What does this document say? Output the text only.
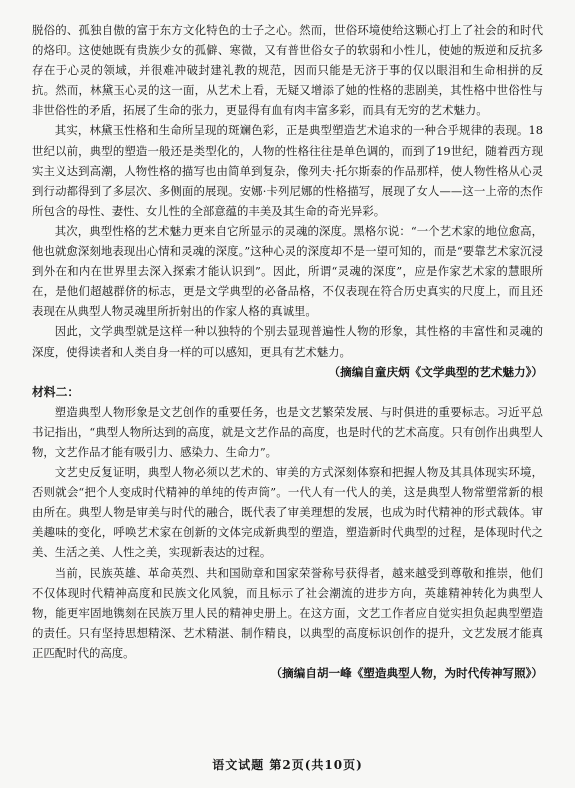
脱俗的、孤独自傲的富于东方文化特色的士子之心。然而，世俗环境使给这颗心打上了社会的和时代的烙印。这使她既有贵族少女的孤僻、寒微，又有普世俗女子的软弱和小性儿，使她的叛逆和反抗多存在于心灵的领域，并很难冲破封建礼教的规范，因而只能是无济于事的仅以眼泪和生命相拼的反抗。然而，林黛玉心灵的这一面，从艺术上看，无疑又增添了她的性格的悲剧美，其性格中世俗性与非世俗性的矛盾，拓展了生命的张力，更显得有血有肉丰富多彩，而具有无穷的艺术魅力。

其实，林黛玉性格和生命所呈现的斑斓色彩，正是典型塑造艺术追求的一种合乎规律的表现。18世纪以前，典型的塑造一般还是类型化的，人物的性格往往是单色调的，而到了19世纪，随着西方现实主义达到高潮，人物性格的描写也由简单到复杂，像列夫·托尔斯泰的作品那样，使人物性格从心灵到行动都得到了多层次、多侧面的展现。安娜·卡列尼娜的性格描写，展现了女人——这一上帝的杰作所包含的母性、妻性、女儿性的全部意蕴的丰美及其生命的奇光异彩。

其次，典型性格的艺术魅力更来自它所显示的灵魂的深度。黑格尔说：“一个艺术家的地位愈高，他也就愈深刻地表现出心情和灵魂的深度。”这种心灵的深度却不是一望可知的，而是“要靠艺术家沉浸到外在和内在世界里去深入探索才能认识到”。因此，所谓“灵魂的深度”，应是作家艺术家的慧眼所在，是他们超越群侪的标志，更是文学典型的必备品格，不仅表现在符合历史真实的尺度上，而且还表现在从典型人物灵魂里所折射出的作家人格的真诚里。

因此，文学典型就是这样一种以独特的个别去显现普遍性人物的形象，其性格的丰富性和灵魂的深度，使得读者和人类自身一样的可以感知，更具有艺术魅力。

（摘编自童庆炳《文学典型的艺术魅力》）

材料二：

塑造典型人物形象是文艺创作的重要任务，也是文艺繁荣发展、与时俱进的重要标志。习近平总书记指出，“典型人物所达到的高度，就是文艺作品的高度，也是时代的艺术高度。只有创作出典型人物，文艺作品才能有吸引力、感染力、生命力”。

文艺史反复证明，典型人物必须以艺术的、审美的方式深刻体察和把握人物及其具体现实环境，否则就会“把个人变成时代精神的单纯的传声筒”。一代人有一代人的美，这是典型人物常塑常新的根由所在。典型人物是审美与时代的融合，既代表了审美理想的发展，也成为时代精神的形式载体。审美趣味的变化，呼唤艺术家在创新的文体完成新典型的塑造，塑造新时代典型的过程，是体现时代之美、生活之美、人性之美，实现新表达的过程。

当前，民族英雄、革命英烈、共和国勋章和国家荣誉称号获得者，越来越受到尊敬和推崇，他们不仅体现时代精神高度和民族文化风貌，而且标示了社会潮流的进步方向，英雄精神转化为典型人物，能更牢固地镌刻在民族万里人民的精神史册上。在这方面，文艺工作者应自觉实担负起典型塑造的责任。只有坚持思想精深、艺术精湛、制作精良，以典型的高度标识创作的提升，文艺发展才能真正匹配时代的高度。

（摘编自胡一峰《塑造典型人物，为时代传神写照》）

语文试题 第2页(共10页)
